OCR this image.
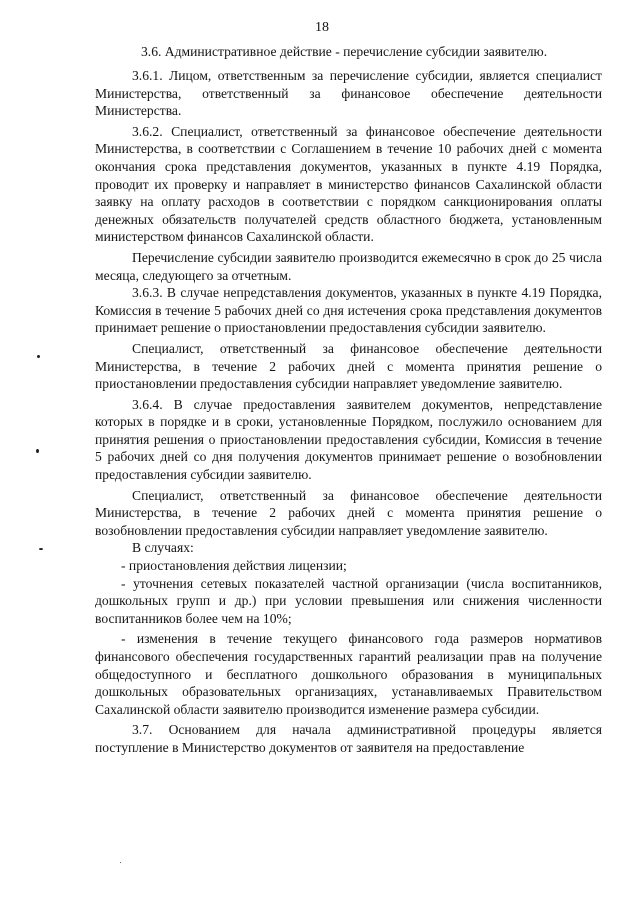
18
3.6. Административное действие - перечисление субсидии заявителю.

3.6.1. Лицом, ответственным за перечисление субсидии, является специалист Министерства, ответственный за финансовое обеспечение деятельности Министерства.

3.6.2. Специалист, ответственный за финансовое обеспечение деятельности Министерства, в соответствии с Соглашением в течение 10 рабочих дней с момента окончания срока представления документов, указанных в пункте 4.19 Порядка, проводит их проверку и направляет в министерство финансов Сахалинской области заявку на оплату расходов в соответствии с порядком санкционирования оплаты денежных обязательств получателей средств областного бюджета, установленным министерством финансов Сахалинской области.

Перечисление субсидии заявителю производится ежемесячно в срок до 25 числа месяца, следующего за отчетным.

3.6.3. В случае непредставления документов, указанных в пункте 4.19 Порядка, Комиссия в течение 5 рабочих дней со дня истечения срока представления документов принимает решение о приостановлении предоставления субсидии заявителю.

Специалист, ответственный за финансовое обеспечение деятельности Министерства, в течение 2 рабочих дней с момента принятия решение о приостановлении предоставления субсидии направляет уведомление заявителю.

3.6.4. В случае предоставления заявителем документов, непредставление которых в порядке и в сроки, установленные Порядком, послужило основанием для принятия решения о приостановлении предоставления субсидии, Комиссия в течение 5 рабочих дней со дня получения документов принимает решение о возобновлении предоставления субсидии заявителю.

Специалист, ответственный за финансовое обеспечение деятельности Министерства, в течение 2 рабочих дней с момента принятия решение о возобновлении предоставления субсидии направляет уведомление заявителю.

В случаях:

- приостановления действия лицензии;

- уточнения сетевых показателей частной организации (числа воспитанников, дошкольных групп и др.) при условии превышения или снижения численности воспитанников более чем на 10%;

- изменения в течение текущего финансового года размеров нормативов финансового обеспечения государственных гарантий реализации прав на получение общедоступного и бесплатного дошкольного образования в муниципальных дошкольных образовательных организациях, устанавливаемых Правительством Сахалинской области заявителю производится изменение размера субсидии.

3.7. Основанием для начала административной процедуры является поступление в Министерство документов от заявителя на предоставление
